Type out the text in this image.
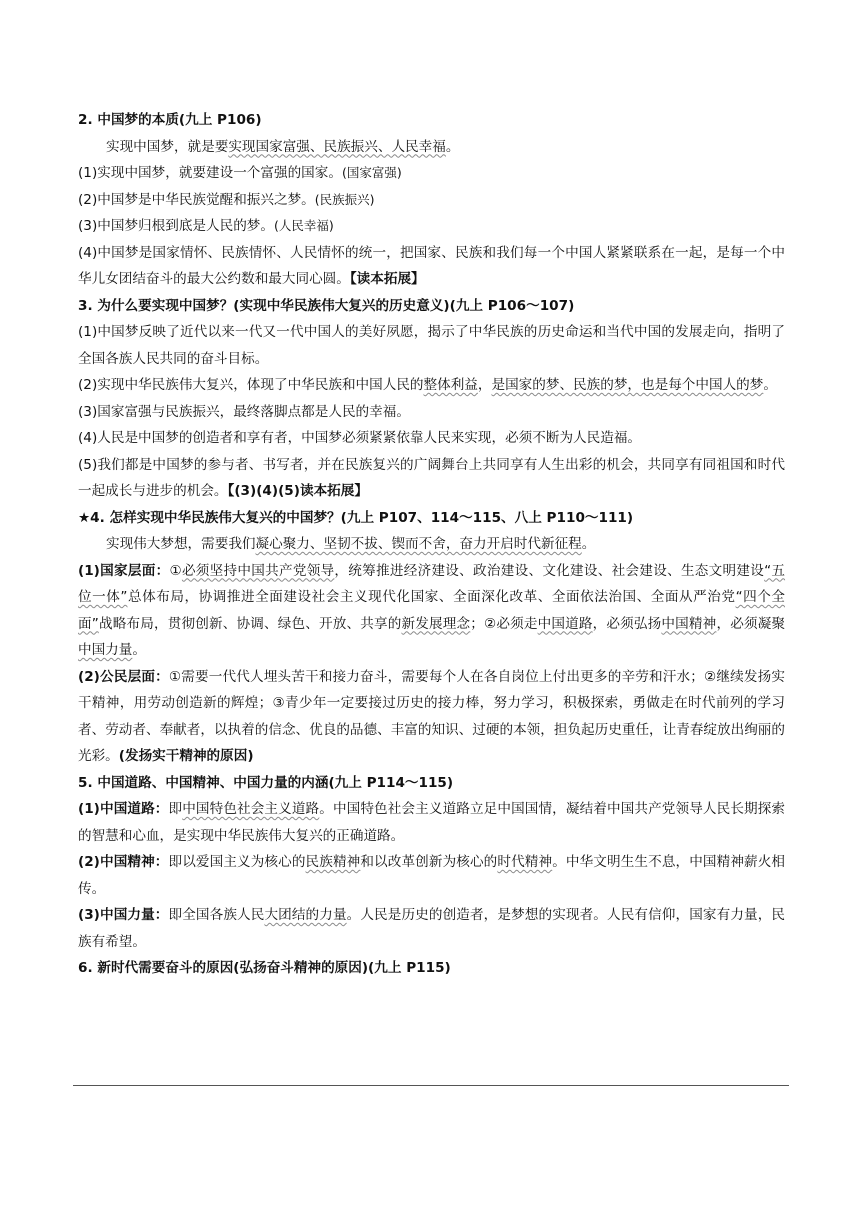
2. 中国梦的本质(九上 P106)

实现中国梦，就是要实现国家富强、民族振兴、人民幸福。

(1)实现中国梦，就要建设一个富强的国家。(国家富强)

(2)中国梦是中华民族觉醒和振兴之梦。(民族振兴)

(3)中国梦归根到底是人民的梦。(人民幸福)

(4)中国梦是国家情怀、民族情怀、人民情怀的统一，把国家、民族和我们每一个中国人紧紧联系在一起，是每一个中华儿女团结奋斗的最大公约数和最大同心圆。【读本拓展】

3. 为什么要实现中国梦？(实现中华民族伟大复兴的历史意义)(九上 P106～107)

(1)中国梦反映了近代以来一代又一代中国人的美好夙愿，揭示了中华民族的历史命运和当代中国的发展走向，指明了全国各族人民共同的奋斗目标。

(2)实现中华民族伟大复兴，体现了中华民族和中国人民的整体利益，是国家的梦、民族的梦，也是每个中国人的梦。

(3)国家富强与民族振兴，最终落脚点都是人民的幸福。

(4)人民是中国梦的创造者和享有者，中国梦必须紧紧依靠人民来实现，必须不断为人民造福。

(5)我们都是中国梦的参与者、书写者，并在民族复兴的广阔舞台上共同享有人生出彩的机会，共同享有同祖国和时代一起成长与进步的机会。【(3)(4)(5)读本拓展】

★4. 怎样实现中华民族伟大复兴的中国梦？(九上 P107、114～115、八上 P110～111)

实现伟大梦想，需要我们凝心聚力、坚韧不拔、锲而不舍，奋力开启时代新征程。

(1)国家层面：①必须坚持中国共产党领导，统筹推进经济建设、政治建设、文化建设、社会建设、生态文明建设“五位一体”总体布局，协调推进全面建设社会主义现代化国家、全面深化改革、全面依法治国、全面从严治党“四个全面”战略布局，贯彻创新、协调、绿色、开放、共享的新发展理念；②必须走中国道路，必须弘扬中国精神，必须凝聚中国力量。

(2)公民层面：①需要一代代人埋头苦干和接力奋斗，需要每个人在各自岗位上付出更多的辛劳和汗水；②继续发扬实干精神，用劳动创造新的辉煌；③青少年一定要接过历史的接力棒，努力学习，积极探索，勇做走在时代前列的学习者、劳动者、奉献者，以执着的信念、优良的品德、丰富的知识、过硬的本领，担负起历史重任，让青春绽放出绚丽的光彩。(发扬实干精神的原因)

5. 中国道路、中国精神、中国力量的内涵(九上 P114～115)

(1)中国道路：即中国特色社会主义道路。中国特色社会主义道路立足中国国情，凝结着中国共产党领导人民长期探索的智慧和心血，是实现中华民族伟大复兴的正确道路。

(2)中国精神：即以爱国主义为核心的民族精神和以改革创新为核心的时代精神。中华文明生生不息，中国精神薪火相传。

(3)中国力量：即全国各族人民大团结的力量。人民是历史的创造者，是梦想的实现者。人民有信仰，国家有力量，民族有希望。

6. 新时代需要奋斗的原因(弘扬奋斗精神的原因)(九上 P115)
